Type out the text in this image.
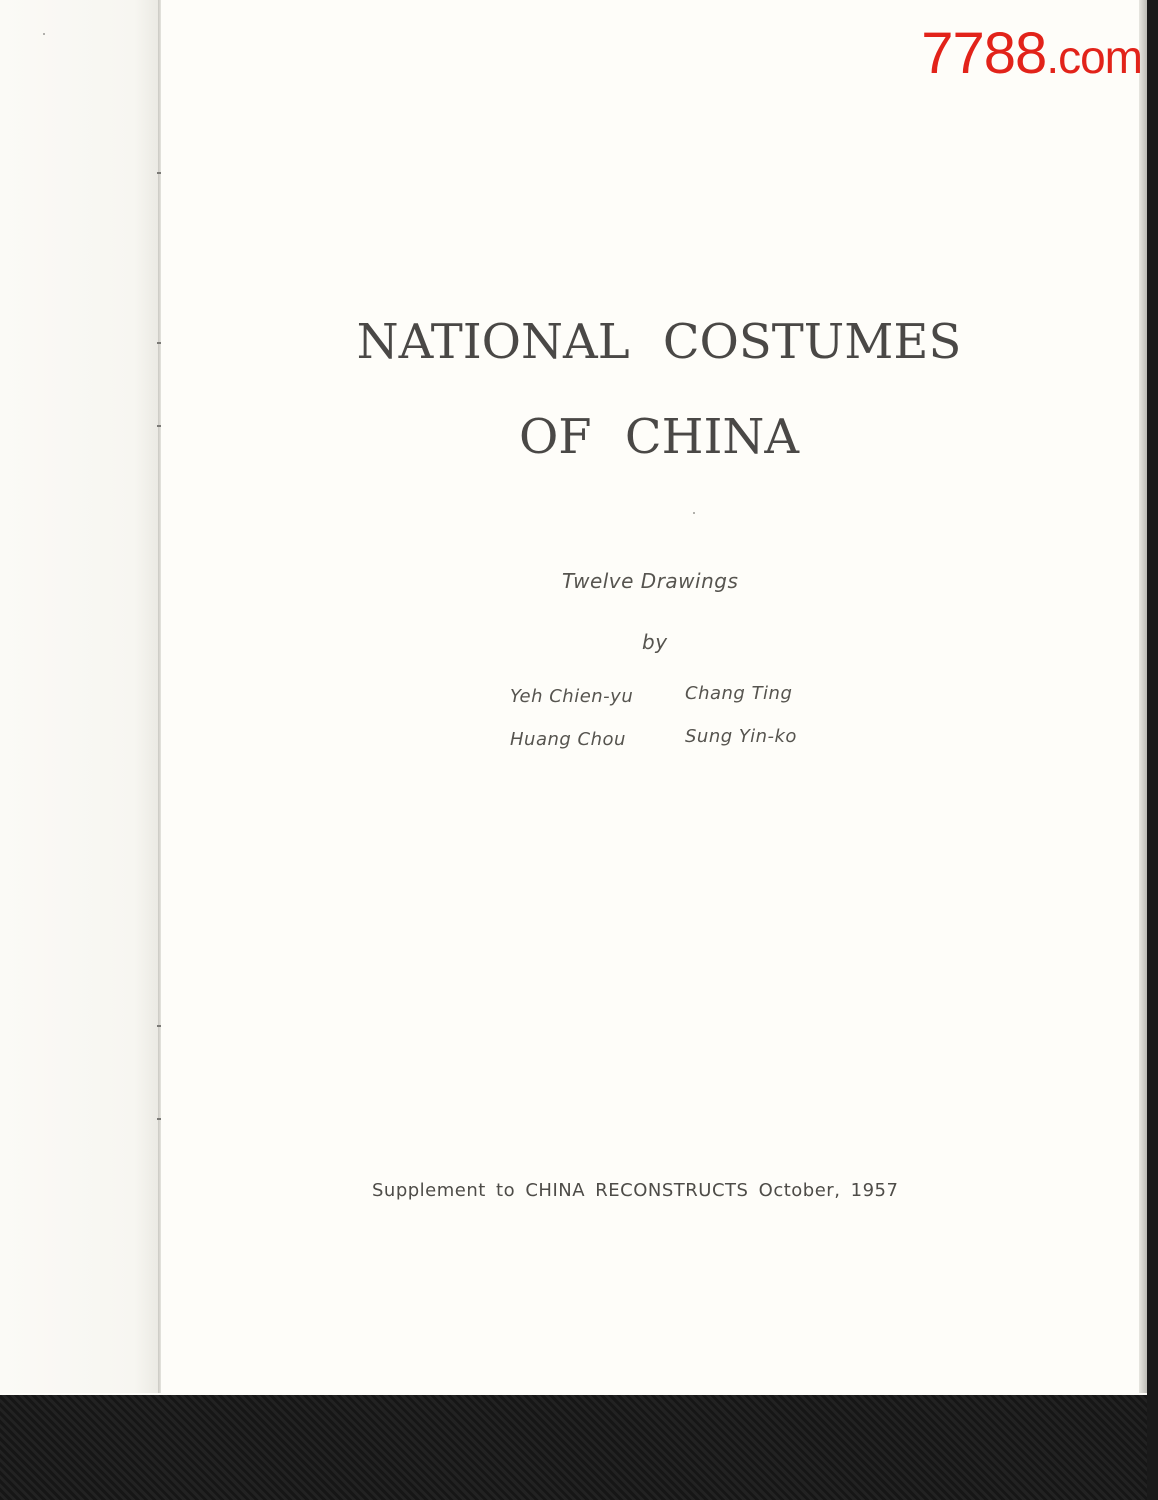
7788.com
NATIONAL COSTUMES
OF CHINA
Twelve Drawings
by
Yeh Chien-yu	Chang Ting
Huang Chou	Sung Yin-ko
Supplement to CHINA RECONSTRUCTS October, 1957
